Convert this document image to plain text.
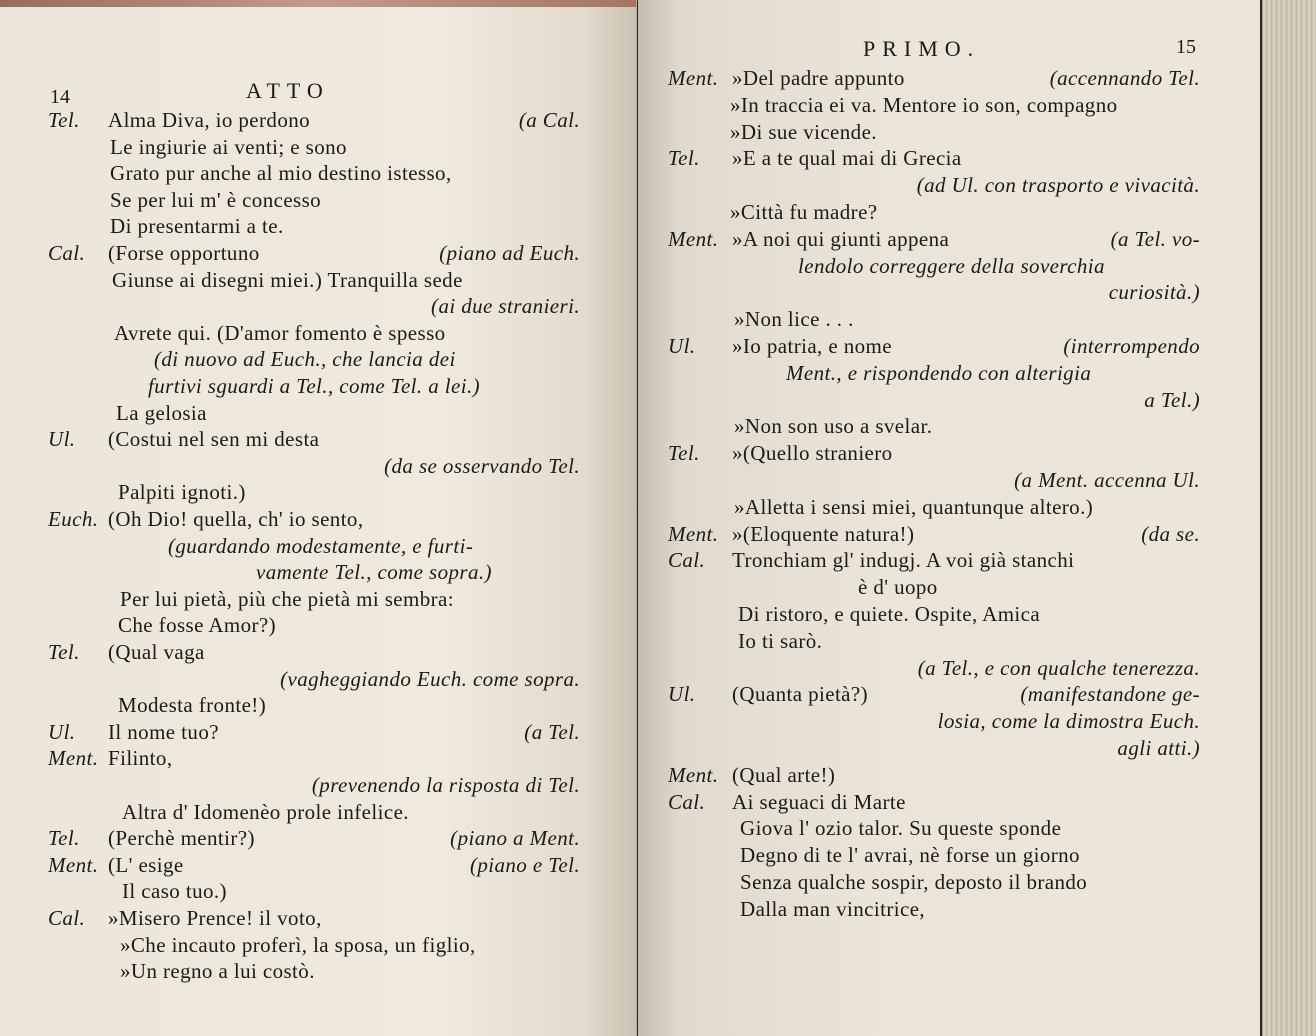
14	ATTO
Tel. Alma Diva, io perdono	(a Cal.
Le ingiurie ai venti; e sono
Grato pur anche al mio destino istesso,
Se per lui m' è concesso
Di presentarmi a te.
Cal. (Forse opportuno	(piano ad Euch.
Giunse ai disegni miei.) Tranquilla sede
(ai due stranieri.
Avrete qui. (D'amor fomento è spesso
(di nuovo ad Euch., che lancia dei
furtivi sguardi a Tel., come Tel. a lei.)
La gelosia
Ul. (Costui nel sen mi desta
(da se osservando Tel.
Palpiti ignoti.)
Euch. (Oh Dio! quella, ch' io sento,
(guardando modestamente, e furti-
vamente Tel., come sopra.)
Per lui pietà, più che pietà mi sembra:
Che fosse Amor?)
Tel. (Qual vaga
(vagheggiando Euch. come sopra.
Modesta fronte!)
Ul. Il nome tuo?	(a Tel.
Ment. Filinto,
(prevenendo la risposta di Tel.
Altra d' Idomenèo prole infelice.
Tel. (Perchè mentir?)	(piano a Ment.
Ment. (L' esige	(piano e Tel.
Il caso tuo.)
Cal. »Misero Prence! il voto,
»Che incauto proferì, la sposa, un figlio,
»Un regno a lui costò.
PRIMO.	15
Ment. »Del padre appunto	(accennando Tel.
»In traccia ei va. Mentore io son, compagno
»Di sue vicende.
Tel. »E a te qual mai di Grecia
(ad Ul. con trasporto e vivacità.
»Città fu madre?
Ment. »A noi qui giunti appena	(a Tel. vo-
lendolo correggere della soverchia
curiosità.)
»Non lice . . .
Ul. »Io patria, e nome	(interrompendo
Ment., e rispondendo con alterigia
a Tel.)
»Non son uso a svelar.
Tel. »(Quello straniero
(a Ment. accenna Ul.
»Alletta i sensi miei, quantunque altero.)
Ment. »(Eloquente natura!)	(da se.
Cal. Tronchiam gl' indugj. A voi già stanchi
è d' uopo
Di ristoro, e quiete. Ospite, Amica
Io ti sarò.
(a Tel., e con qualche tenerezza.
Ul. (Quanta pietà?)	(manifestandone ge-
losia, come la dimostra Euch.
agli atti.)
Ment. (Qual arte!)
Cal. Ai seguaci di Marte
Giova l' ozio talor. Su queste sponde
Degno di te l' avrai, nè forse un giorno
Senza qualche sospir, deposto il brando
Dalla man vincitrice,
